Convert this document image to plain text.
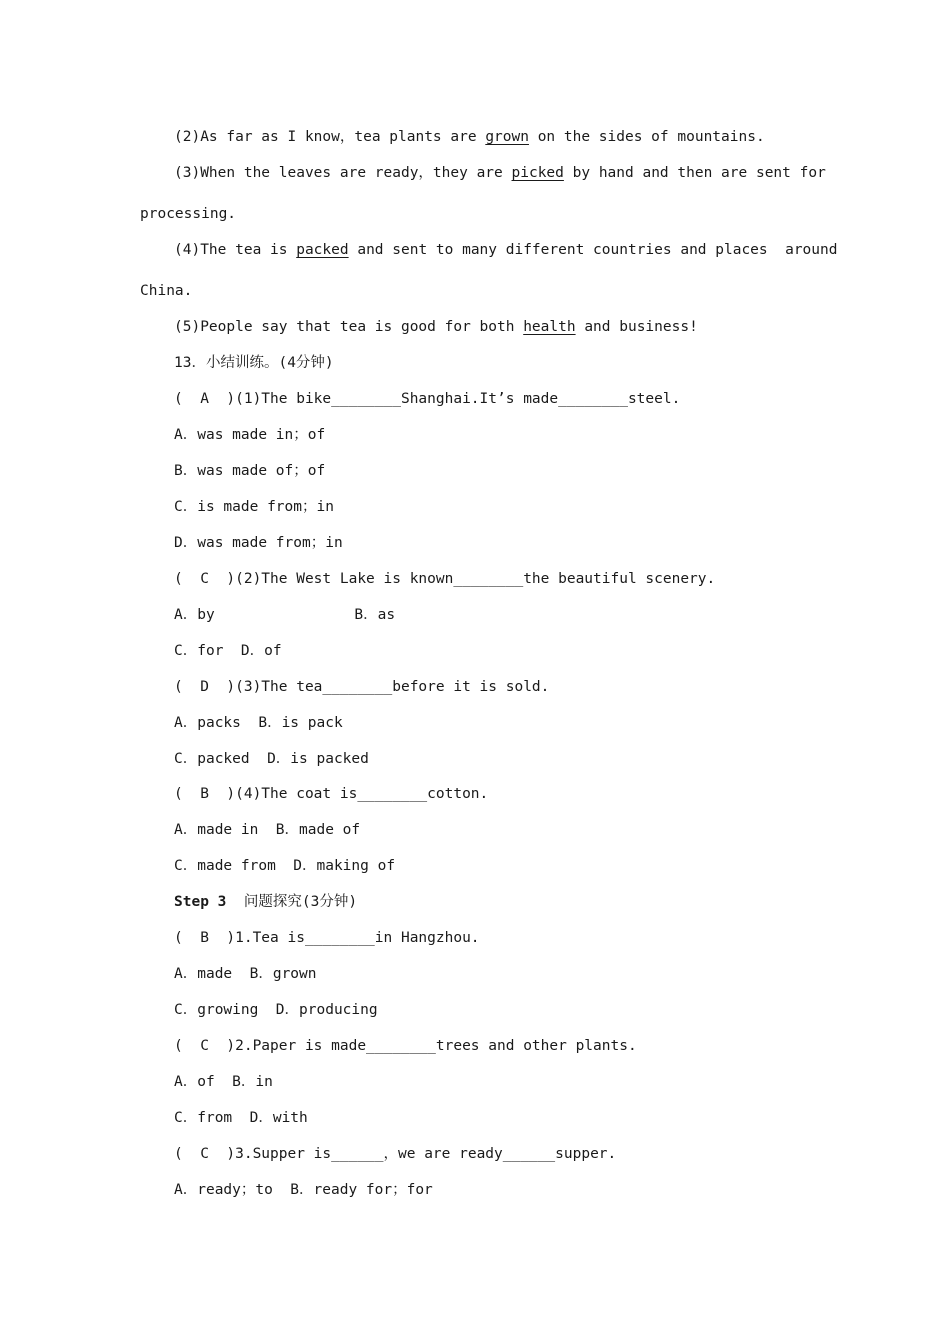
(2)As far as I know，tea plants are grown on the sides of mountains.
(3)When the leaves are ready，they are picked by hand and then are sent for
processing.
(4)The tea is packed and sent to many different countries and places  around
China.
(5)People say that tea is good for both health and business!
13．小结训练。(4分钟)
(  A  )(1)The bike________Shanghai.It’s made________steel.
A．was made in；of
B．was made of；of
C．is made from；in
D．was made from；in
(  C  )(2)The West Lake is known________the beautiful scenery.
A．by                B．as
C．for  D．of
(  D  )(3)The tea________before it is sold.
A．packs  B．is pack
C．packed  D．is packed
(  B  )(4)The coat is________cotton.
A．made in  B．made of
C．made from  D．making of
Step 3 问题探究(3分钟)
(  B  )1.Tea is________in Hangzhou.
A．made  B．grown
C．growing  D．producing
(  C  )2.Paper is made________trees and other plants.
A．of  B．in
C．from  D．with
(  C  )3.Supper is______，we are ready______supper.
A．ready；to  B．ready for；for
